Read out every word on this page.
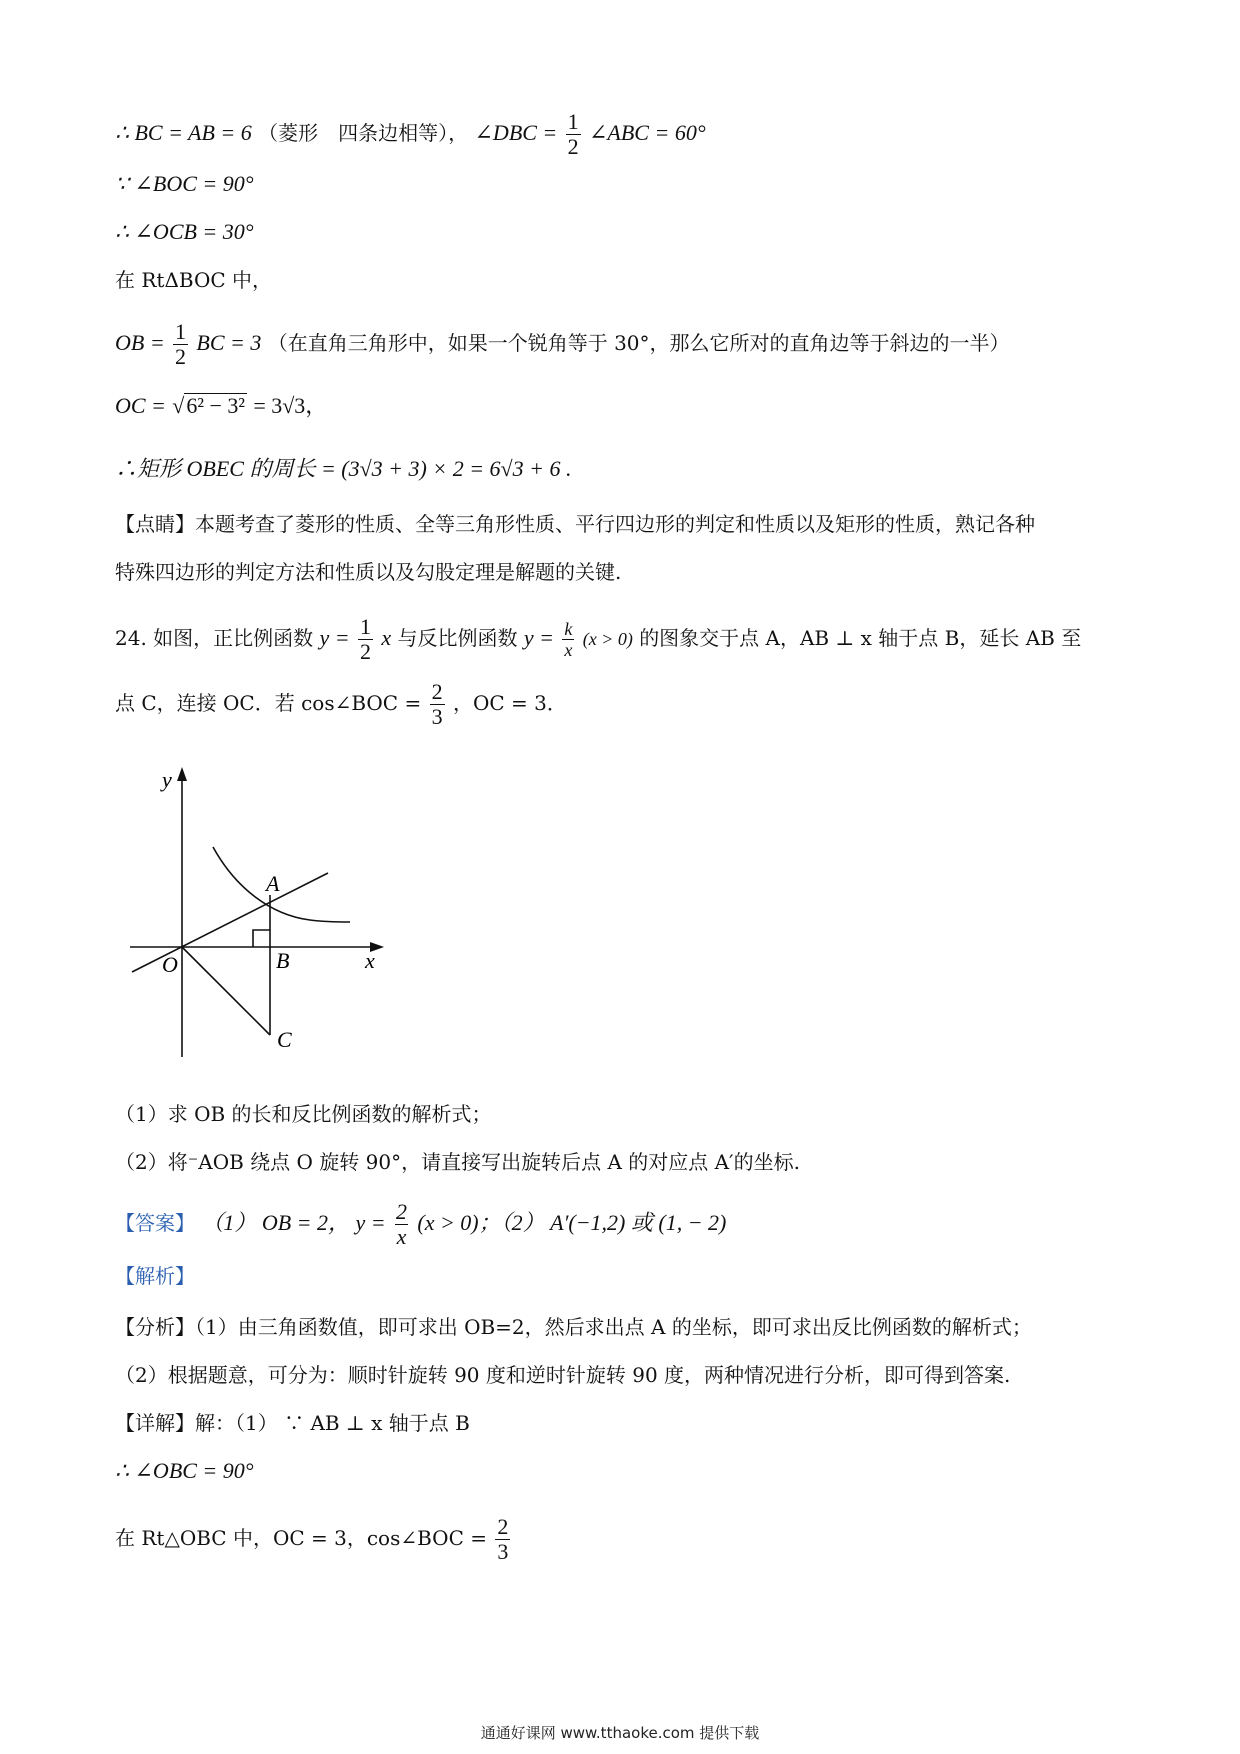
∴ BC = AB = 6 （菱形　四条边相等）， ∠DBC = $\frac{1}{2}$ ∠ABC = 60°
∵ ∠BOC = 90°
∴ ∠OCB = 30°
在 RtΔBOC 中，
OB = $\frac{1}{2}$ BC = 3 （在直角三角形中，如果一个锐角等于 30°，那么它所对的直角边等于斜边的一半）
OC = √6² − 3² = 3√3，
∴矩形 OBEC 的周长 = (3√3 + 3) × 2 = 6√3 + 6 .
【点睛】本题考查了菱形的性质、全等三角形性质、平行四边形的判定和性质以及矩形的性质，熟记各种
特殊四边形的判定方法和性质以及勾股定理是解题的关键.
24. 如图，正比例函数 $y = \frac{1}{2}$ x 与反比例函数 $y = \frac{k}{x} (x > 0)$ 的图象交于点 A，AB ⊥ x 轴于点 B，延长 AB 至
点 C，连接 OC．若 cos∠BOC = $\frac{2}{3}$ ，OC = 3．
y
x
O
A
B
C
（1）求 OB 的长和反比例函数的解析式；
（2）将⁻AOB 绕点 O 旋转 90°，请直接写出旋转后点 A 的对应点 A′的坐标.
【答案】 （1） OB = 2， $y = \frac{2}{x} (x > 0)$；（2） A′(−1,2) 或 (1, − 2)
【解析】
【分析】（1）由三角函数值，即可求出 OB=2，然后求出点 A 的坐标，即可求出反比例函数的解析式；
（2）根据题意，可分为：顺时针旋转 90 度和逆时针旋转 90 度，两种情况进行分析，即可得到答案.
【详解】解：（1） ∵ AB ⊥ x 轴于点 B
∴ ∠OBC = 90°
在 Rt△OBC 中，OC = 3，cos∠BOC = $\frac{2}{3}$
通通好课网 www.tthaoke.com 提供下载
